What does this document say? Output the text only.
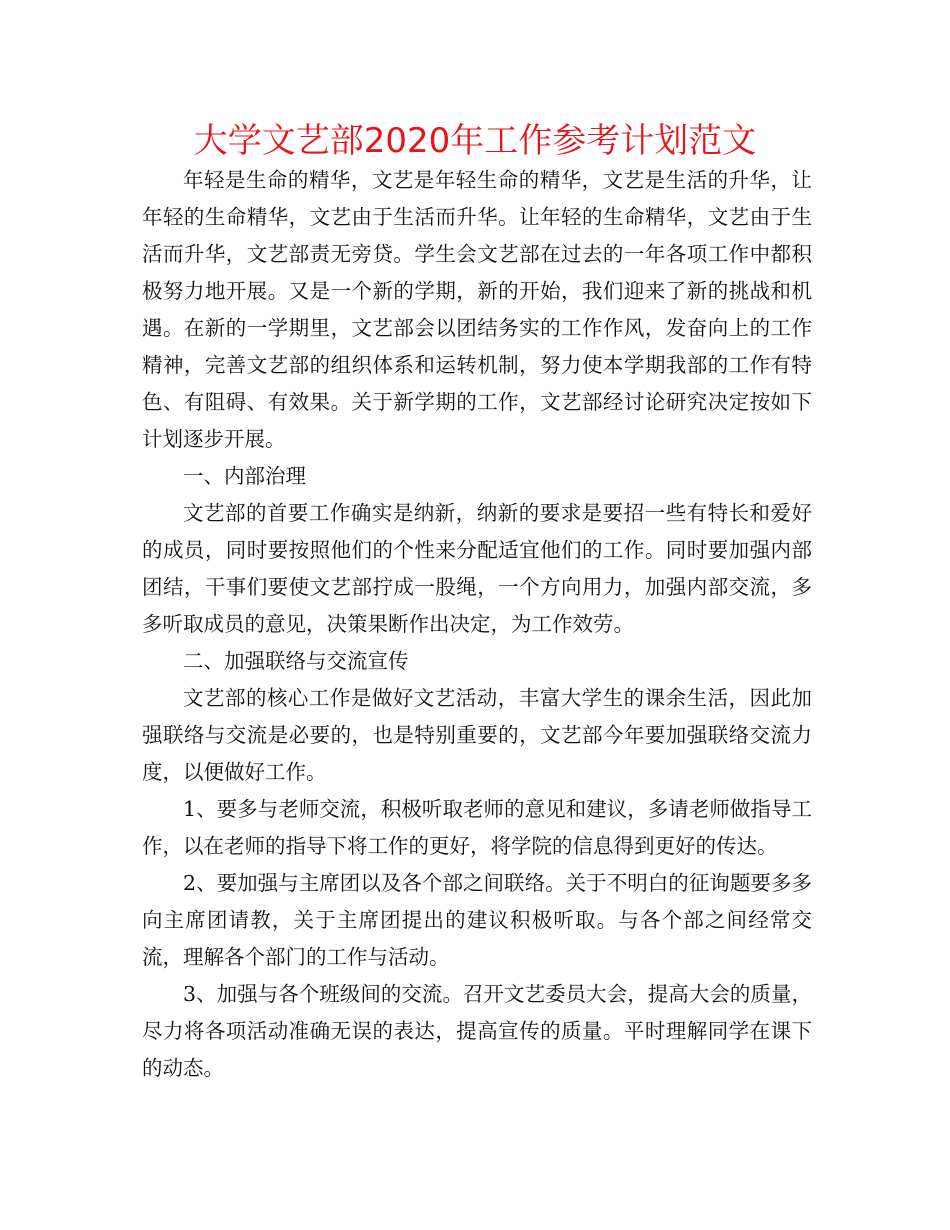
大学文艺部2020年工作参考计划范文

年轻是生命的精华，文艺是年轻生命的精华，文艺是生活的升华，让年轻的生命精华，文艺由于生活而升华。让年轻的生命精华，文艺由于生活而升华，文艺部责无旁贷。学生会文艺部在过去的一年各项工作中都积极努力地开展。又是一个新的学期，新的开始，我们迎来了新的挑战和机遇。在新的一学期里，文艺部会以团结务实的工作作风，发奋向上的工作精神，完善文艺部的组织体系和运转机制，努力使本学期我部的工作有特色、有阻碍、有效果。关于新学期的工作，文艺部经讨论研究决定按如下计划逐步开展。

一、内部治理

文艺部的首要工作确实是纳新，纳新的要求是要招一些有特长和爱好的成员，同时要按照他们的个性来分配适宜他们的工作。同时要加强内部团结，干事们要使文艺部拧成一股绳，一个方向用力，加强内部交流，多多听取成员的意见，决策果断作出决定，为工作效劳。

二、加强联络与交流宣传

文艺部的核心工作是做好文艺活动，丰富大学生的课余生活，因此加强联络与交流是必要的，也是特别重要的，文艺部今年要加强联络交流力度，以便做好工作。

1、要多与老师交流，积极听取老师的意见和建议，多请老师做指导工作，以在老师的指导下将工作的更好，将学院的信息得到更好的传达。

2、要加强与主席团以及各个部之间联络。关于不明白的征询题要多多向主席团请教，关于主席团提出的建议积极听取。与各个部之间经常交流，理解各个部门的工作与活动。

3、加强与各个班级间的交流。召开文艺委员大会，提高大会的质量，尽力将各项活动准确无误的表达，提高宣传的质量。平时理解同学在课下的动态。
